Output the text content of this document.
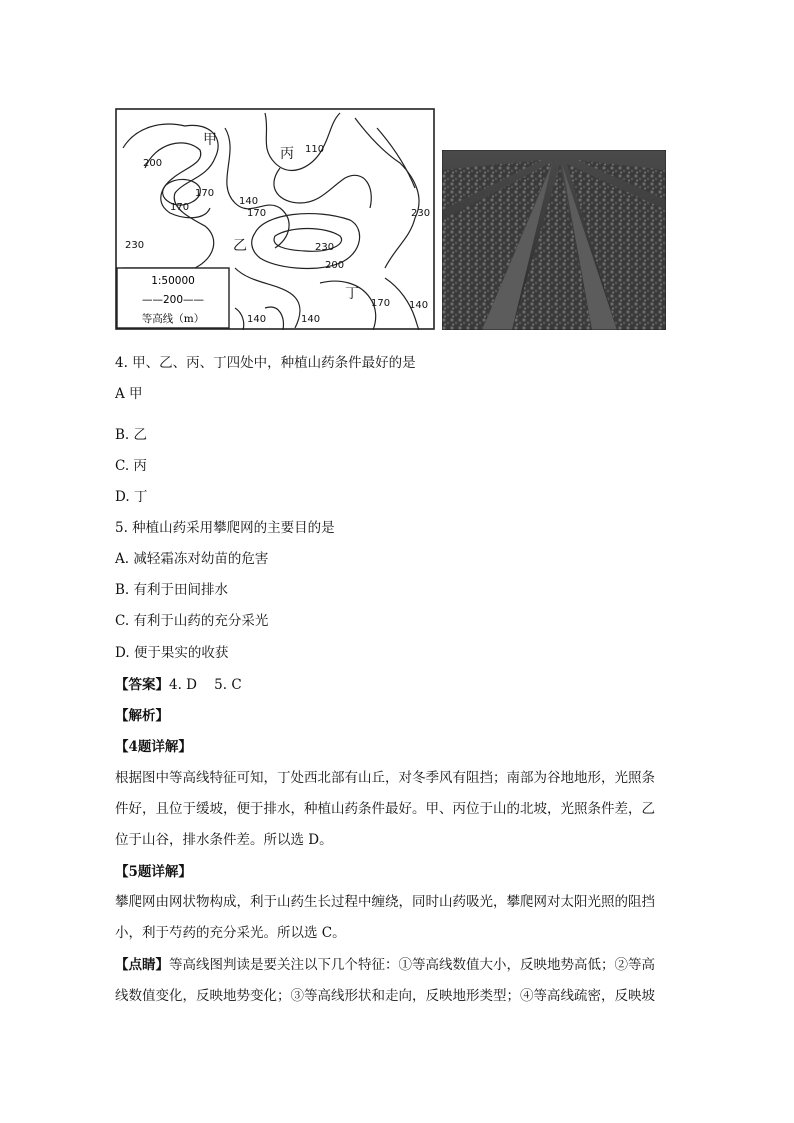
200
110
170
170
140
170	230
230	230
200
170 140
140	140
甲
乙
丙
丁
1:50000
——200——
等高线（m）
4. 甲、乙、丙、丁四处中，种植山药条件最好的是
A 甲
B. 乙
C. 丙
D. 丁
5. 种植山药采用攀爬网的主要目的是
A. 减轻霜冻对幼苗的危害
B. 有利于田间排水
C. 有利于山药的充分采光
D. 便于果实的收获
【答案】4. D    5. C
【解析】
【4题详解】
根据图中等高线特征可知，丁处西北部有山丘，对冬季风有阻挡；南部为谷地地形，光照条
件好，且位于缓坡，便于排水，种植山药条件最好。甲、丙位于山的北坡，光照条件差，乙
位于山谷，排水条件差。所以选 D。
【5题详解】
攀爬网由网状物构成，利于山药生长过程中缠绕，同时山药吸光，攀爬网对太阳光照的阻挡
小，利于芍药的充分采光。所以选 C。
【点睛】等高线图判读是要关注以下几个特征：①等高线数值大小，反映地势高低；②等高
线数值变化，反映地势变化；③等高线形状和走向，反映地形类型；④等高线疏密，反映坡
